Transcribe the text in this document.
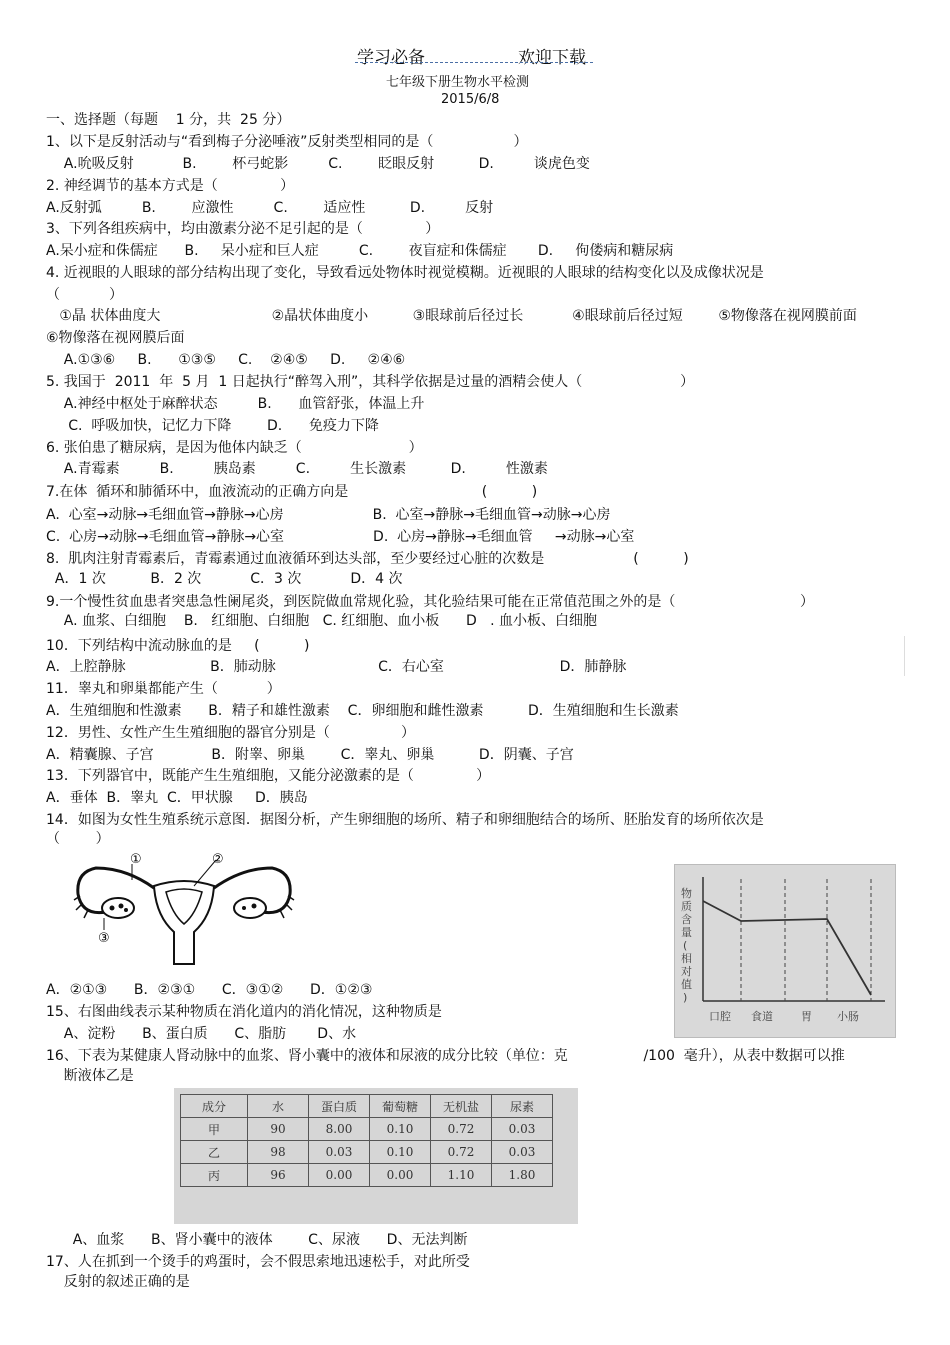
学习必备	欢迎下载
七年级下册生物水平检测
2015/6/8
一、选择题（每题    1 分，共  25 分）
1、以下是反射活动与“看到梅子分泌唾液”反射类型相同的是（                  ）
A.吮吸反射           B.        杯弓蛇影         C.        眨眼反射          D.         谈虎色变
2. 神经调节的基本方式是（              ）
A.反射弧         B.        应激性         C.        适应性          D.         反射
3、下列各组疾病中，均由激素分泌不足引起的是（              ）
A.呆小症和侏儒症      B.     呆小症和巨人症         C.        夜盲症和侏儒症       D.     佝偻病和糖尿病
4. 近视眼的人眼球的部分结构出现了变化，导致看远处物体时视觉模糊。近视眼的人眼球的结构变化以及成像状况是
（           ）
①晶 状体曲度大                         ②晶状体曲度小          ③眼球前后径过长           ④眼球前后径过短        ⑤物像落在视网膜前面
⑥物像落在视网膜后面
A.①③⑥     B.      ①③⑤     C.    ②④⑤     D.     ②④⑥
5. 我国于  2011  年  5 月  1 日起执行“醉驾入刑”，其科学依据是过量的酒精会使人（                      ）
A.神经中枢处于麻醉状态         B.      血管舒张，体温上升
C.  呼吸加快，记忆力下降        D.      免疫力下降
6. 张伯患了糖尿病，是因为他体内缺乏（                        ）
A.青霉素         B.         胰岛素         C.         生长激素          D.         性激素
7.在体  循环和肺循环中，血液流动的正确方向是                              (          )
A.  心室→动脉→毛细血管→静脉→心房                    B.  心室→静脉→毛细血管→动脉→心房
C.  心房→动脉→毛细血管→静脉→心室                    D.  心房→静脉→毛细血管     →动脉→心室
8.  肌肉注射青霉素后，青霉素通过血液循环到达头部，至少要经过心脏的次数是                    (          )
A．1 次          B．2 次           C．3 次           D．4 次
9.一个慢性贫血患者突患急性阑尾炎，到医院做血常规化验，其化验结果可能在正常值范围之外的是（                            ）
A. 血浆、白细胞    B.   红细胞、白细胞   C. 红细胞、血小板      D   . 血小板、白细胞
10．下列结构中流动脉血的是     (          )
A．上腔静脉                   B．肺动脉                       C．右心室                          D．肺静脉
11．睾丸和卵巢都能产生（           ）
A．生殖细胞和性激素      B．精子和雄性激素    C．卵细胞和雌性激素          D．生殖细胞和生长激素
12．男性、女性产生生殖细胞的器官分别是（                ）
A．精囊腺、子宫             B．附睾、卵巢        C．睾丸、卵巢          D．阴囊、子宫
13．下列器官中，既能产生生殖细胞，又能分泌激素的是（              ）
A．垂体  B．睾丸  C．甲状腺     D．胰岛
14．如图为女性生殖系统示意图．据图分析，产生卵细胞的场所、精子和卵细胞结合的场所、胚胎发育的场所依次是
（        ）
①	②
③
物
质
含
量
(
相
对
值
)
口腔 食道	胃 小肠
A．②①③      B．②③①      C．③①②      D．①②③
15、右图曲线表示某种物质在消化道内的消化情况，这种物质是
A、淀粉      B、蛋白质      C、脂肪       D、水
16、下表为某健康人肾动脉中的血浆、肾小囊中的液体和尿液的成分比较（单位：克                 /100  毫升），从表中数据可以推
断液体乙是
成分	水	蛋白质	葡萄糖	无机盐	尿素
甲	90	8.00	0.10	0.72	0.03
乙	98	0.03	0.10	0.72	0.03
丙	96	0.00	0.00	1.10	1.80
A、血浆      B、肾小囊中的液体        C、尿液      D、无法判断
17、人在抓到一个烫手的鸡蛋时，会不假思索地迅速松手，对此所受
反射的叙述正确的是
